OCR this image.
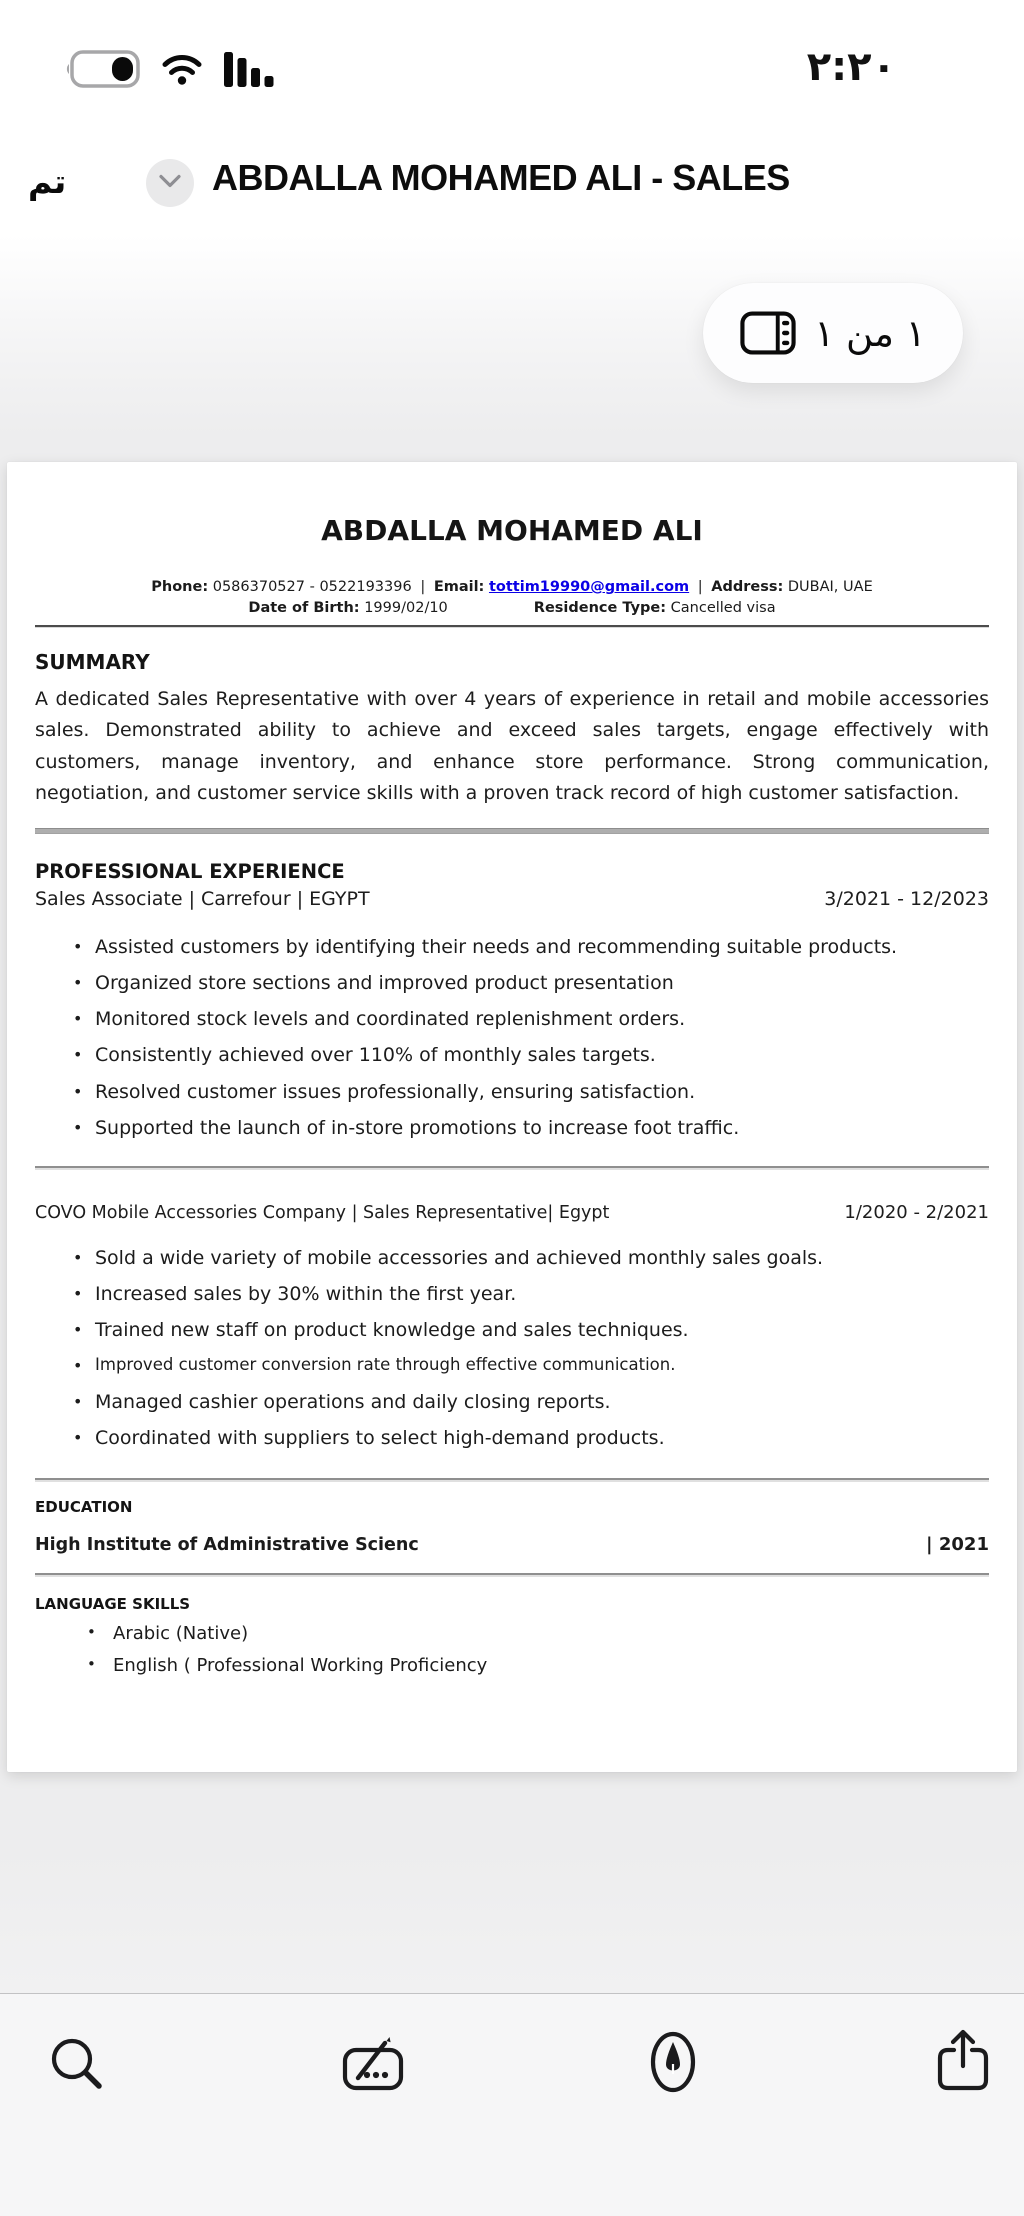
٢:٢٠
تم	ABDALLA MOHAMED ALI - SALES
١ من ١
ABDALLA MOHAMED ALI
Phone: 0586370527 - 0522193396 | Email: tottim19990@gmail.com | Address: DUBAI, UAE
Date of Birth: 1999/02/10	Residence Type: Cancelled visa
SUMMARY

A dedicated Sales Representative with over 4 years of experience in retail and mobile accessories sales. Demonstrated ability to achieve and exceed sales targets, engage effectively with customers, manage inventory, and enhance store performance. Strong communication, negotiation, and customer service skills with a proven track record of high customer satisfaction.

PROFESSIONAL EXPERIENCE
Sales Associate | Carrefour | EGYPT	3/2021 - 12/2023
• Assisted customers by identifying their needs and recommending suitable products.
• Organized store sections and improved product presentation
• Monitored stock levels and coordinated replenishment orders.
• Consistently achieved over 110% of monthly sales targets.
• Resolved customer issues professionally, ensuring satisfaction.
• Supported the launch of in-store promotions to increase foot traffic.
COVO Mobile Accessories Company | Sales Representative| Egypt	1/2020 - 2/2021
• Sold a wide variety of mobile accessories and achieved monthly sales goals.
• Increased sales by 30% within the first year.
• Trained new staff on product knowledge and sales techniques.
• Improved customer conversion rate through effective communication.
• Managed cashier operations and daily closing reports.
• Coordinated with suppliers to select high-demand products.
EDUCATION
High Institute of Administrative Scienc	| 2021
LANGUAGE SKILLS
• Arabic (Native)
• English ( Professional Working Proficiency
